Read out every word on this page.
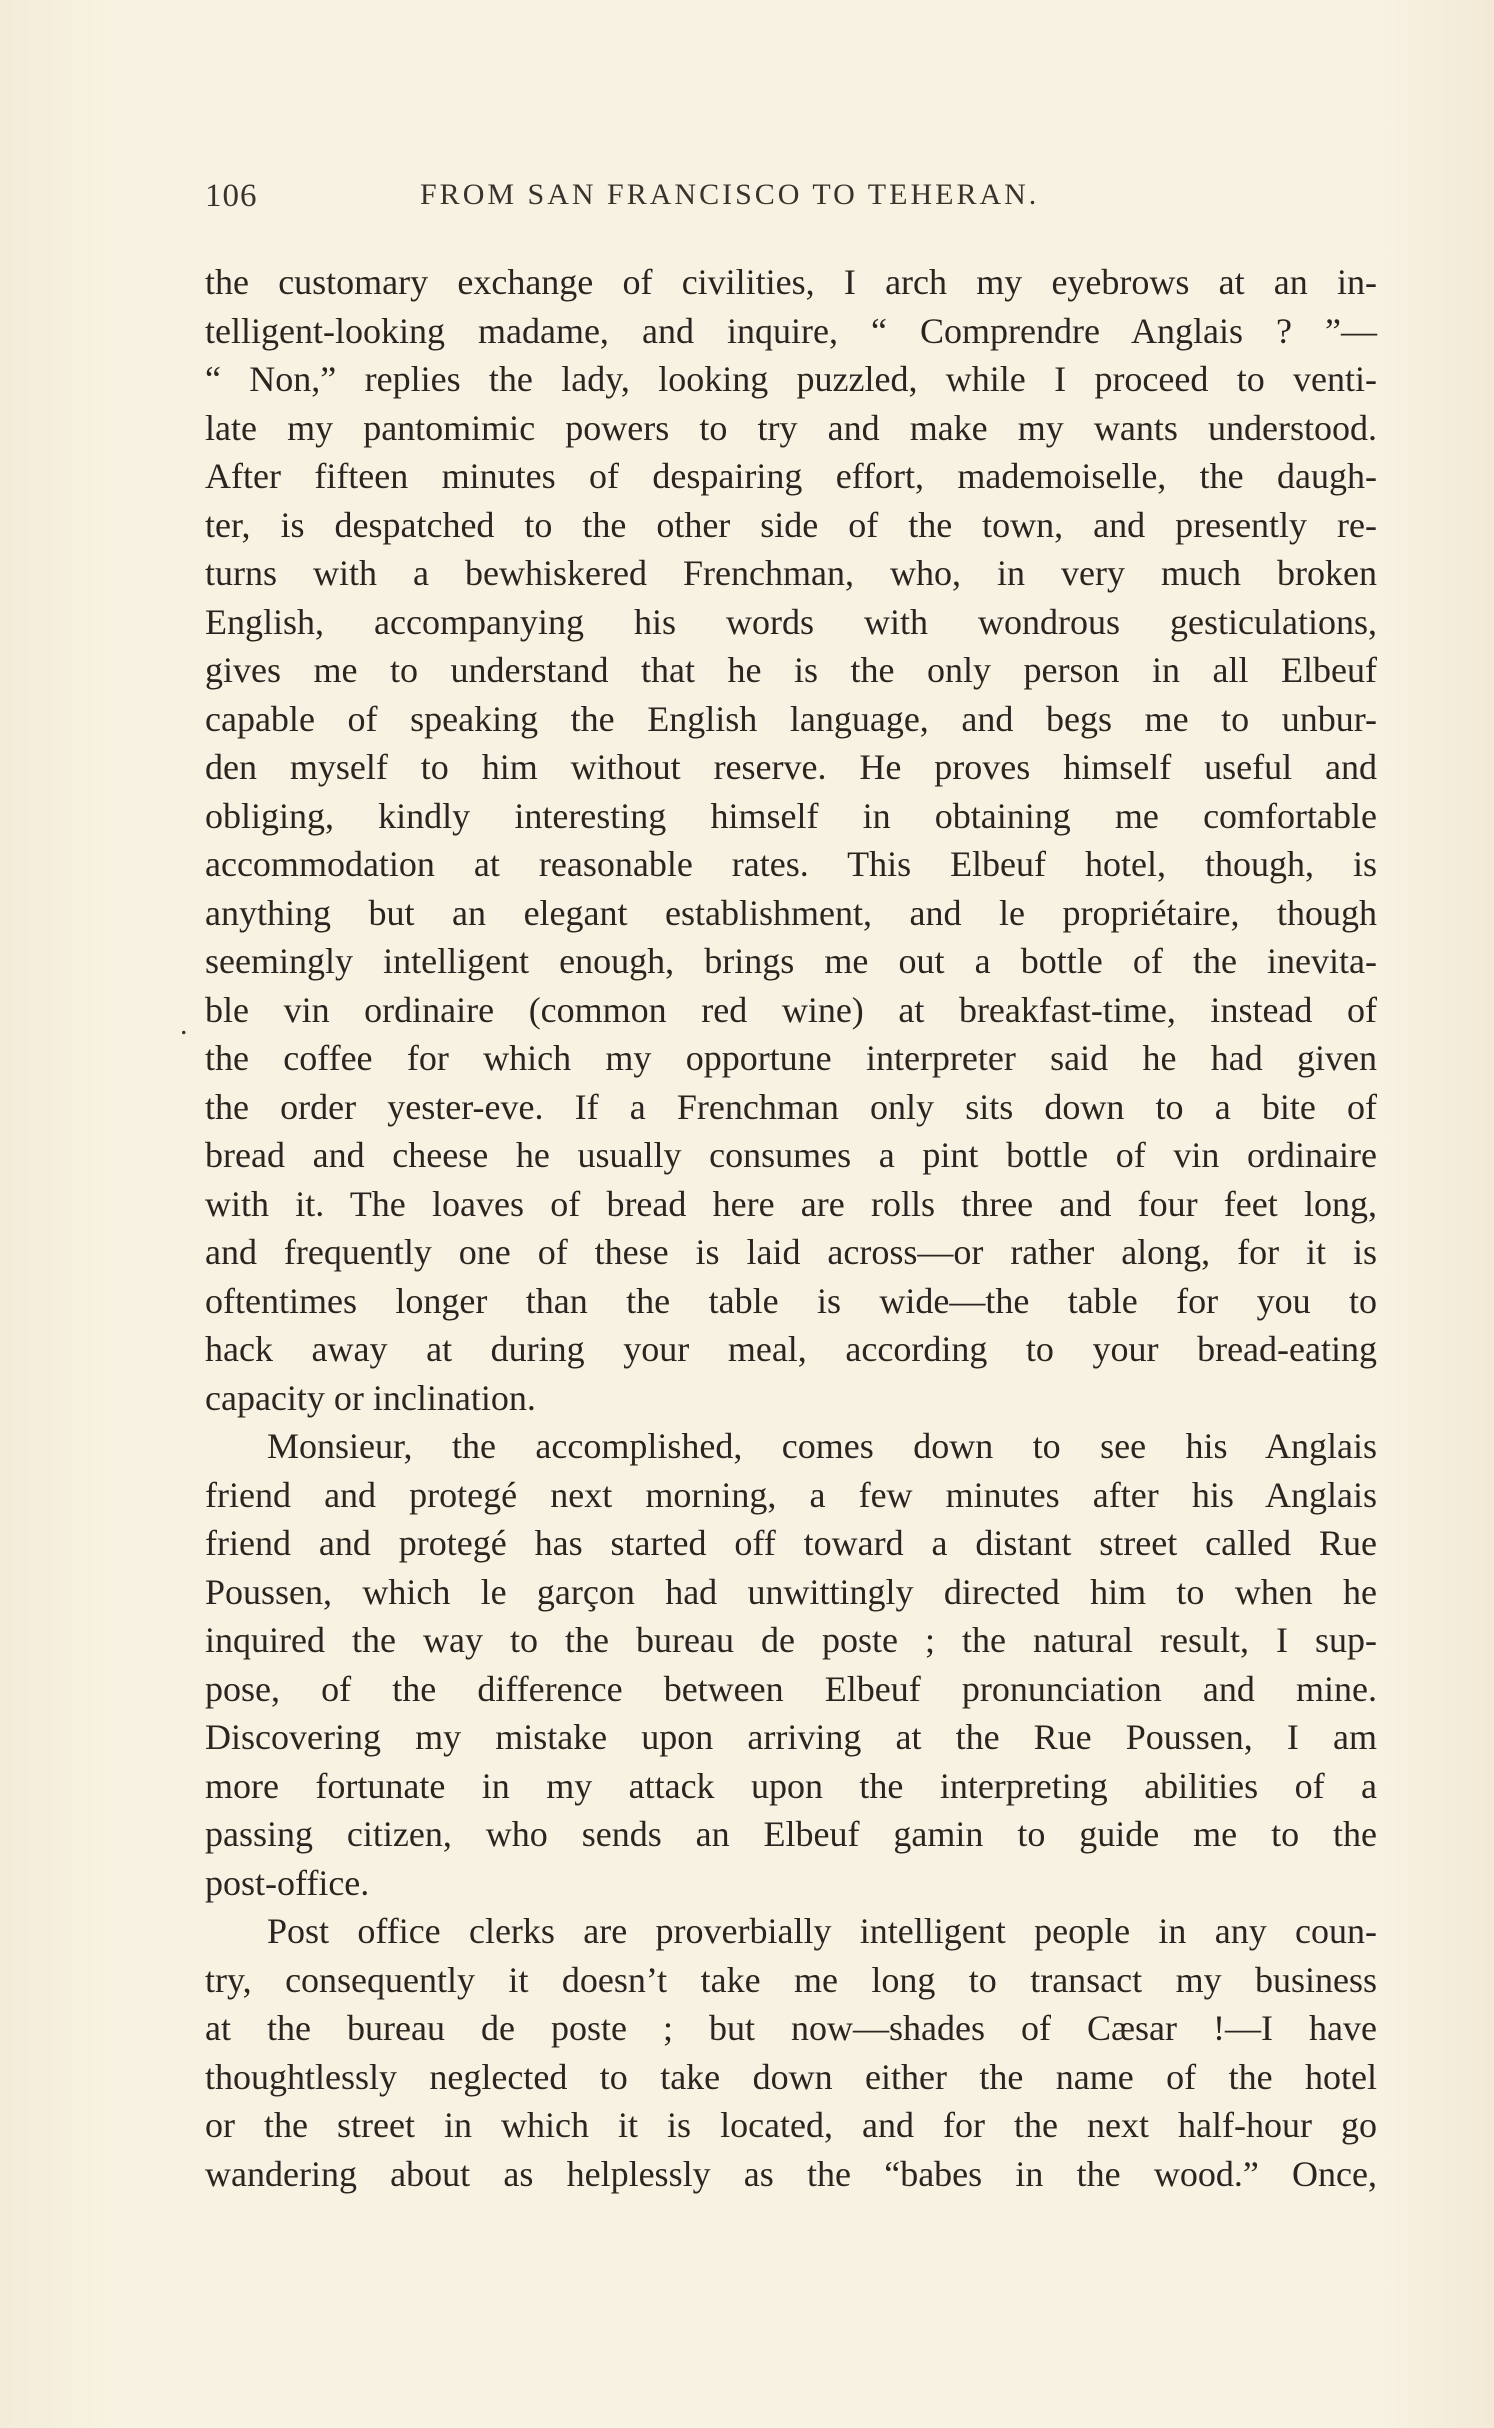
106	FROM SAN FRANCISCO TO TEHERAN.
.
the customary exchange of civilities, I arch my eyebrows at an in-
telligent-looking madame, and inquire, “ Comprendre Anglais ? ”—
“ Non,” replies the lady, looking puzzled, while I proceed to venti-
late my pantomimic powers to try and make my wants understood.
After fifteen minutes of despairing effort, mademoiselle, the daugh-
ter, is despatched to the other side of the town, and presently re-
turns with a bewhiskered Frenchman, who, in very much broken
English, accompanying his words with wondrous gesticulations,
gives me to understand that he is the only person in all Elbeuf
capable of speaking the English language, and begs me to unbur-
den myself to him without reserve. He proves himself useful and
obliging, kindly interesting himself in obtaining me comfortable
accommodation at reasonable rates. This Elbeuf hotel, though, is
anything but an elegant establishment, and le propriétaire, though
seemingly intelligent enough, brings me out a bottle of the inevita-
ble vin ordinaire (common red wine) at breakfast-time, instead of
the coffee for which my opportune interpreter said he had given
the order yester-eve. If a Frenchman only sits down to a bite of
bread and cheese he usually consumes a pint bottle of vin ordinaire
with it. The loaves of bread here are rolls three and four feet long,
and frequently one of these is laid across—or rather along, for it is
oftentimes longer than the table is wide—the table for you to
hack away at during your meal, according to your bread-eating
capacity or inclination.
Monsieur, the accomplished, comes down to see his Anglais
friend and protegé next morning, a few minutes after his Anglais
friend and protegé has started off toward a distant street called Rue
Poussen, which le garçon had unwittingly directed him to when he
inquired the way to the bureau de poste ; the natural result, I sup-
pose, of the difference between Elbeuf pronunciation and mine.
Discovering my mistake upon arriving at the Rue Poussen, I am
more fortunate in my attack upon the interpreting abilities of a
passing citizen, who sends an Elbeuf gamin to guide me to the
post-office.
Post office clerks are proverbially intelligent people in any coun-
try, consequently it doesn’t take me long to transact my business
at the bureau de poste ; but now—shades of Cæsar !—I have
thoughtlessly neglected to take down either the name of the hotel
or the street in which it is located, and for the next half-hour go
wandering about as helplessly as the “babes in the wood.” Once,
